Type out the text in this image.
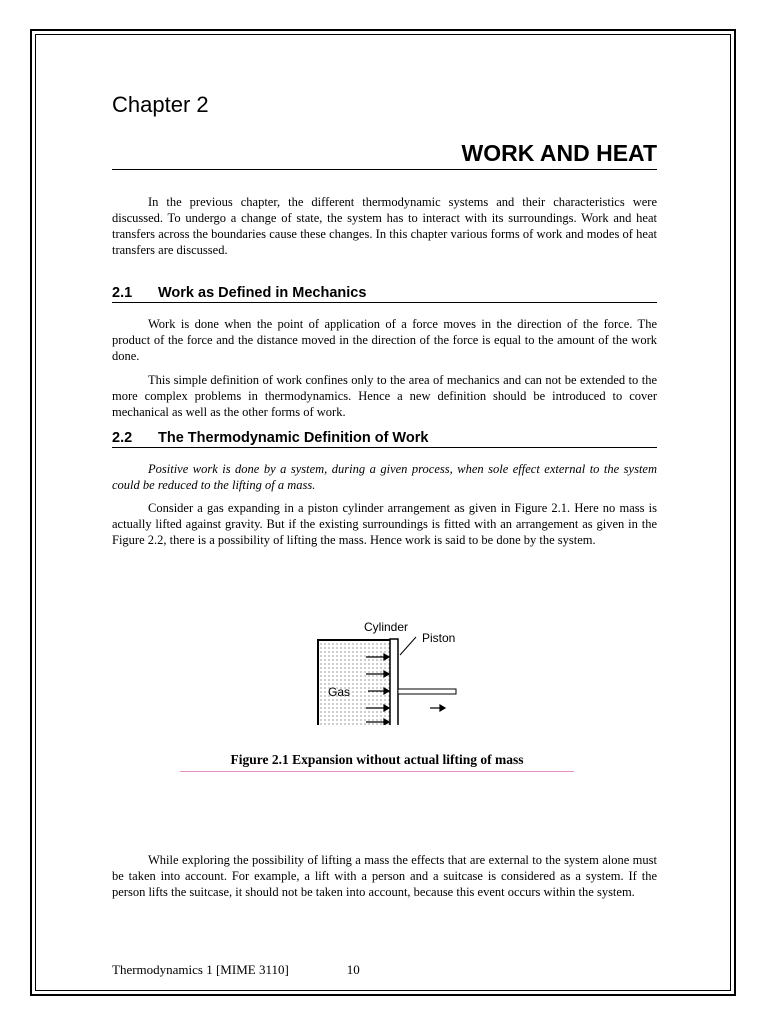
Chapter 2
WORK AND HEAT

In the previous chapter, the different thermodynamic systems and their characteristics were discussed. To undergo a change of state, the system has to interact with its surroundings. Work and heat transfers across the boundaries cause these changes. In this chapter various forms of work and modes of heat transfers are discussed.

2.1 Work as Defined in Mechanics

Work is done when the point of application of a force moves in the direction of the force. The product of the force and the distance moved in the direction of the force is equal to the amount of the work done.

This simple definition of work confines only to the area of mechanics and can not be extended to the more complex problems in thermodynamics. Hence a new definition should be introduced to cover mechanical as well as the other forms of work.

2.2 The Thermodynamic Definition of Work

Positive work is done by a system, during a given process, when sole effect external to the system could be reduced to the lifting of a mass.

Consider a gas expanding in a piston cylinder arrangement as given in Figure 2.1. Here no mass is actually lifted against gravity. But if the existing surroundings is fitted with an arrangement as given in the Figure 2.2, there is a possibility of lifting the mass. Hence work is said to be done by the system.

While exploring the possibility of lifting a mass the effects that are external to the system alone must be taken into account. For example, a lift with a person and a suitcase is considered as a system. If the person lifts the suitcase, it should not be taken into account, because this event occurs within the system.

Thermodynamics 1 [MIME 3110]	10
Cylinder
Piston
Gas
Figure 2.1 Expansion without actual lifting of mass
